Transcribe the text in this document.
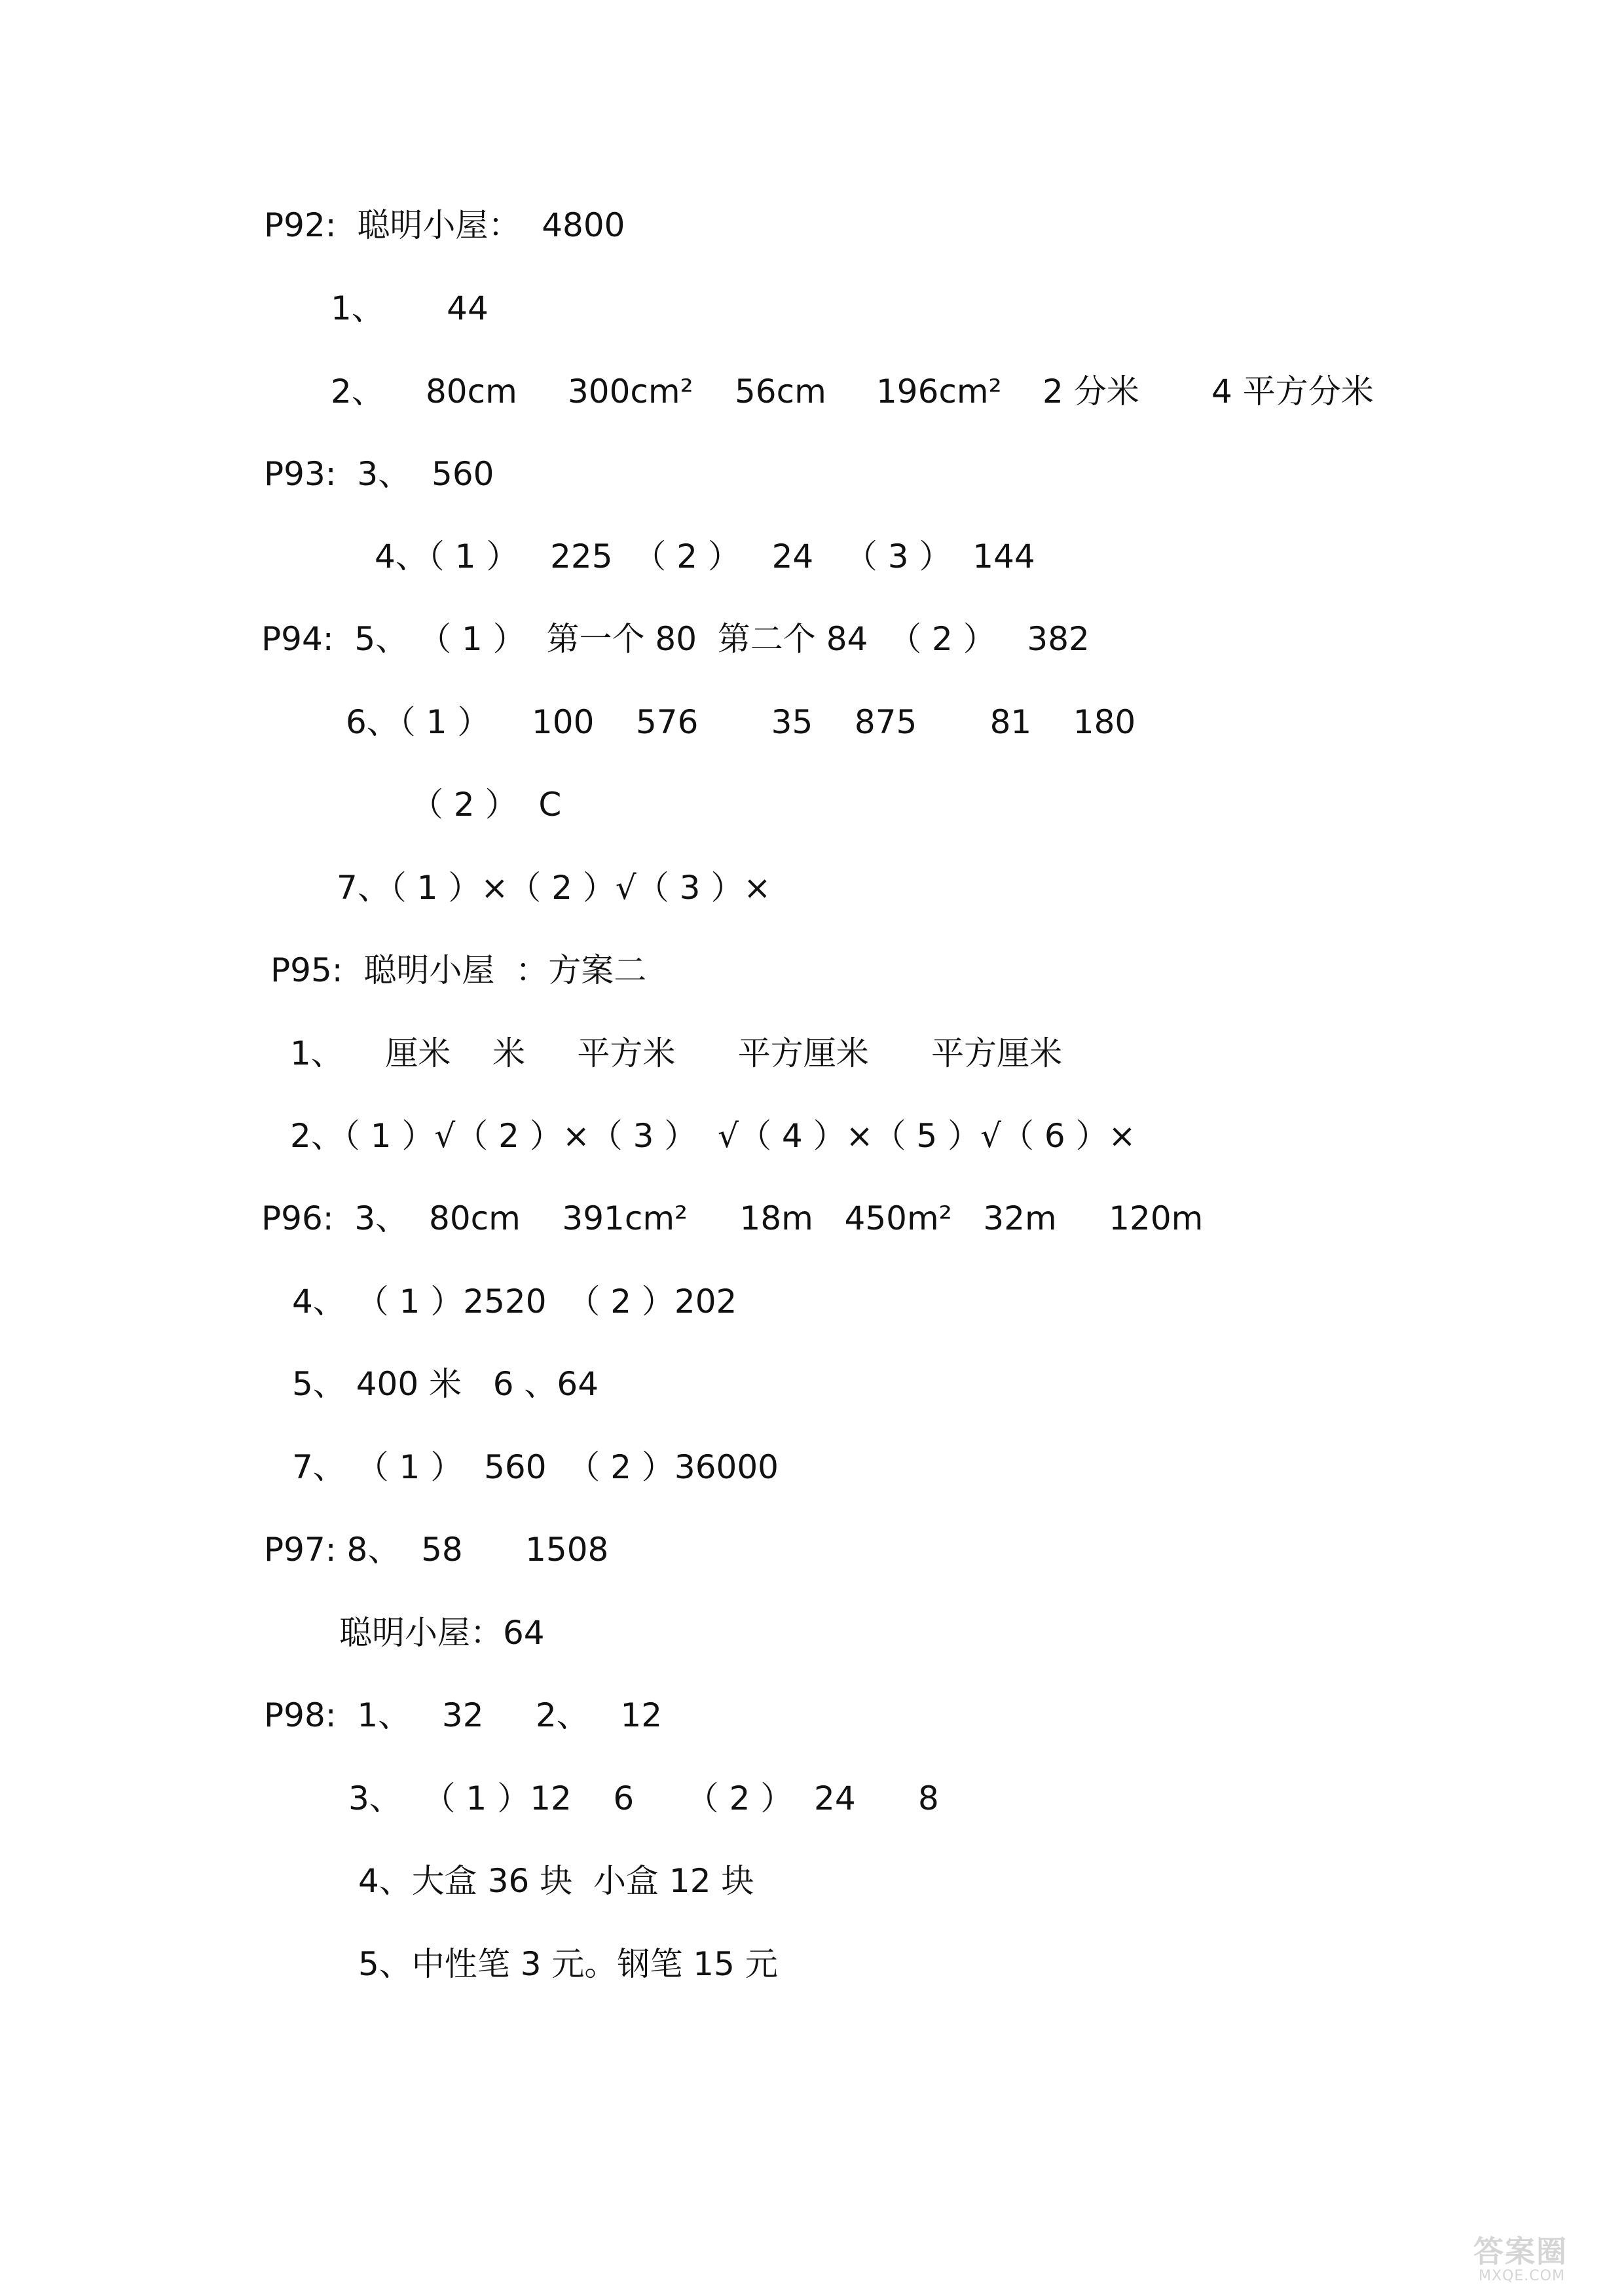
P92:  聪明小屋：  4800
1、      44

2、

80cm

300cm²

56cm

196cm²

2 分米

4 平方分米

P93:  3、  560
4、（ 1 ）   225  （ 2 ）   24   （ 3 ）  144
P94:  5、 （ 1 ）  第一个 80  第二个 84  （ 2 ）   382
6、（ 1 ）    100    576       35    875       81    180
（ 2 ）  C
7、（ 1 ）×（ 2 ）√（ 3 ）×
P95:  聪明小屋  ：方案二
1、    厘米    米     平方米      平方厘米      平方厘米
2、（ 1 ）√（ 2 ）×（ 3 ）  √（ 4 ）×（ 5 ）√（ 6 ）×
P96:  3、  80cm    391cm²     18m   450m²   32m     120m
4、 （ 1 ）2520  （ 2 ）202
5、 400 米   6 、64
7、 （ 1 ）  560  （ 2 ）36000
P97: 8、  58      1508
聪明小屋：64
P98:  1、   32     2、   12
3、  （ 1 ）12    6     （ 2 ）  24      8
4、大盒 36 块  小盒 12 块
5、中性笔 3 元。钢笔 15 元
答案圈
MXQE.COM
